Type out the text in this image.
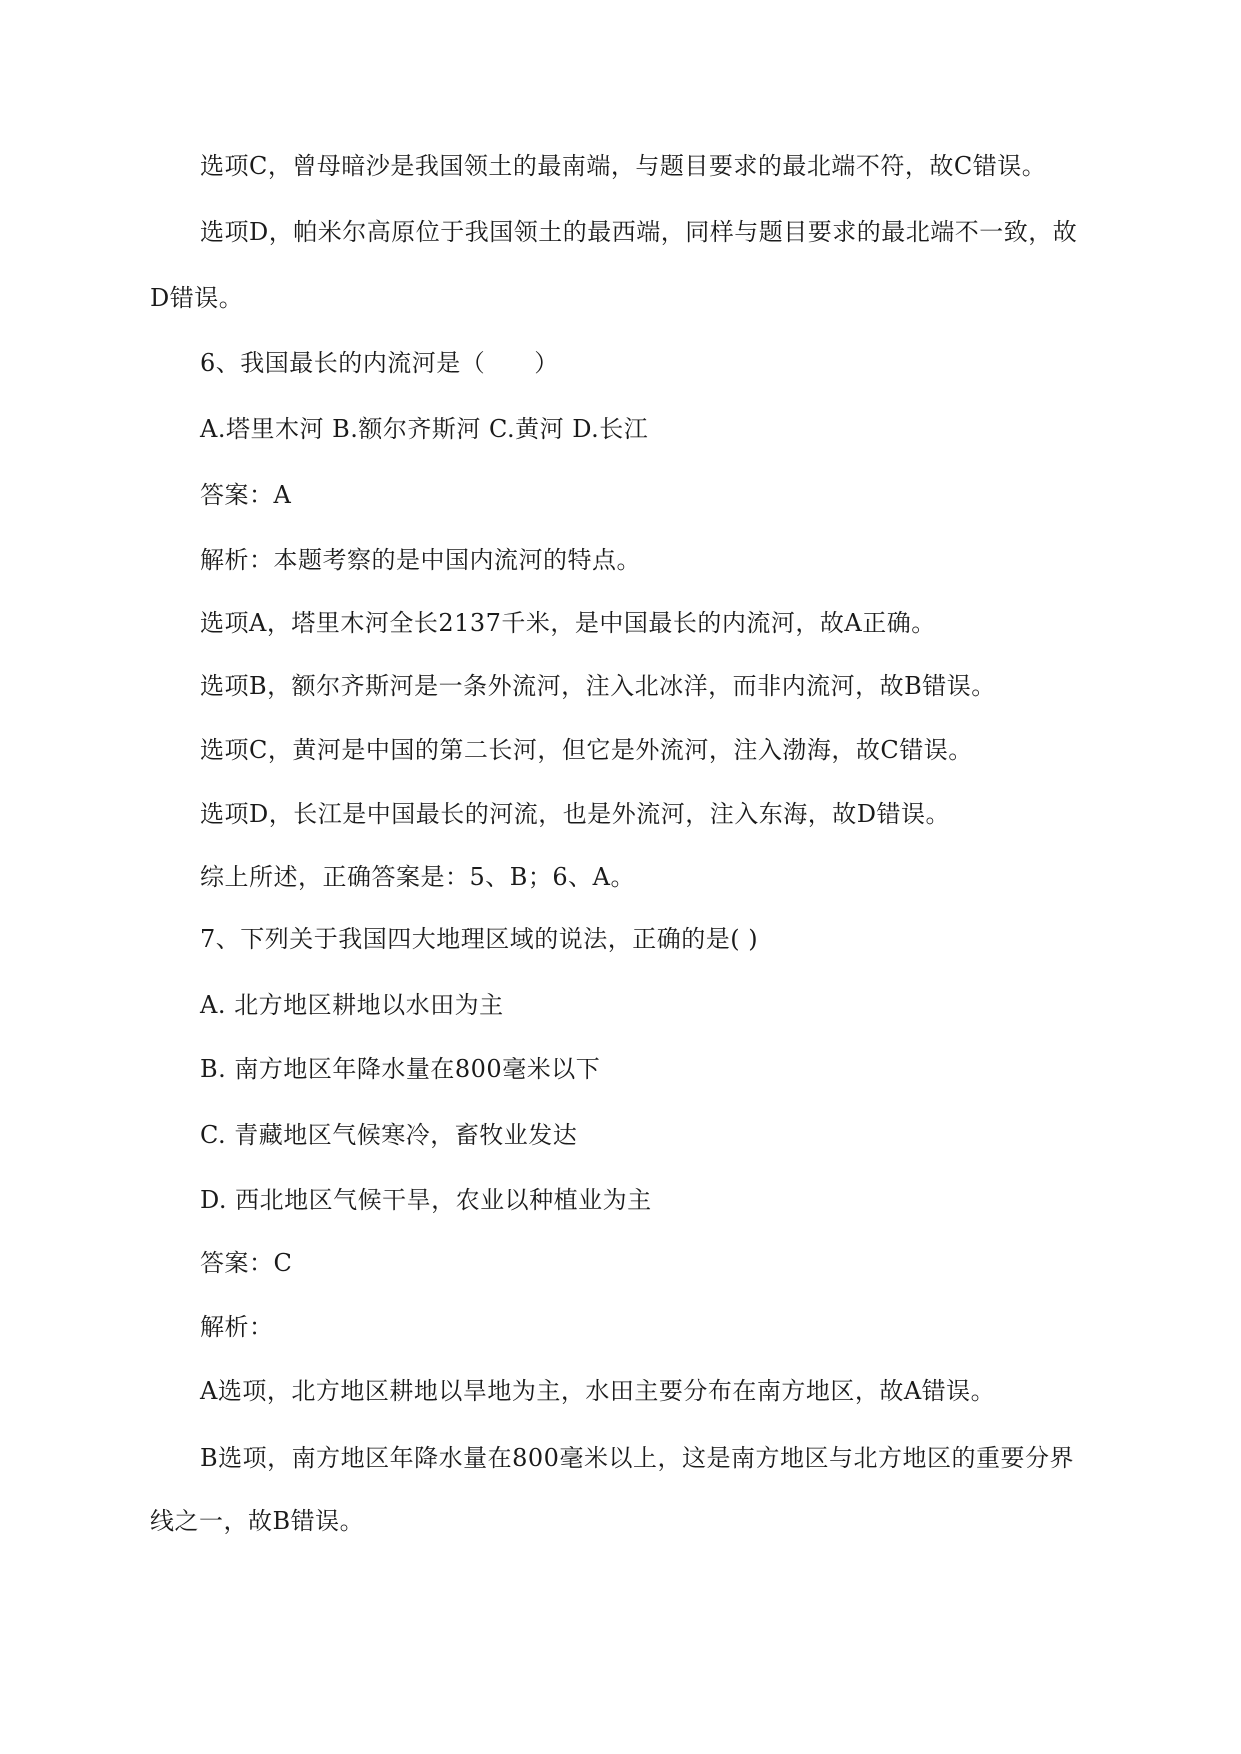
选项C，曾母暗沙是我国领土的最南端，与题目要求的最北端不符，故C错误。
选项D，帕米尔高原位于我国领土的最西端，同样与题目要求的最北端不一致，故
D错误。
6、我国最长的内流河是（　　）
A.塔里木河 B.额尔齐斯河 C.黄河 D.长江
答案：A
解析：本题考察的是中国内流河的特点。
选项A，塔里木河全长2137千米，是中国最长的内流河，故A正确。
选项B，额尔齐斯河是一条外流河，注入北冰洋，而非内流河，故B错误。
选项C，黄河是中国的第二长河，但它是外流河，注入渤海，故C错误。
选项D，长江是中国最长的河流，也是外流河，注入东海，故D错误。
综上所述，正确答案是：5、B；6、A。
7、下列关于我国四大地理区域的说法，正确的是( )
A. 北方地区耕地以水田为主
B. 南方地区年降水量在800毫米以下
C. 青藏地区气候寒冷，畜牧业发达
D. 西北地区气候干旱，农业以种植业为主
答案：C
解析：
A选项，北方地区耕地以旱地为主，水田主要分布在南方地区，故A错误。
B选项，南方地区年降水量在800毫米以上，这是南方地区与北方地区的重要分界
线之一，故B错误。
